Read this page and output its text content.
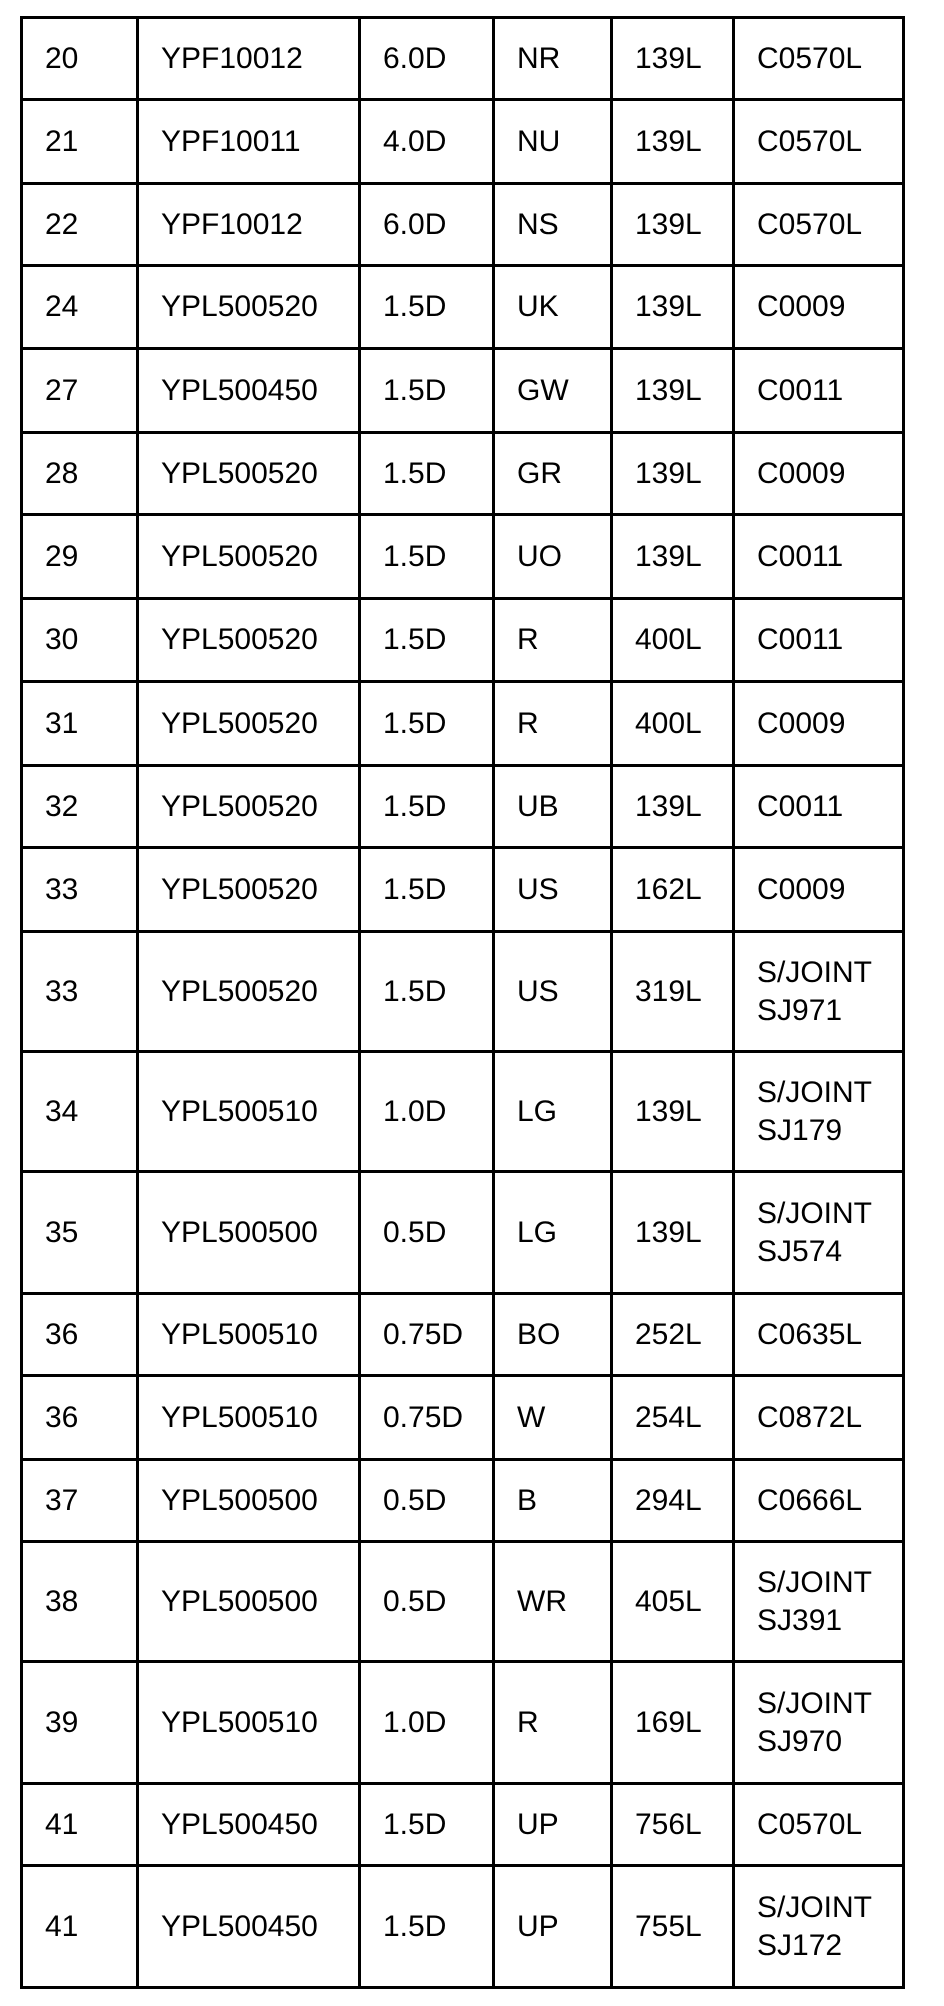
20	YPF10012	6.0D	NR	139L	C0570L

21	YPF10011	4.0D	NU	139L	C0570L

22	YPF10012	6.0D	NS	139L	C0570L

24	YPL500520	1.5D	UK	139L	C0009

27	YPL500450	1.5D	GW	139L	C0011

28	YPL500520	1.5D	GR	139L	C0009

29	YPL500520	1.5D	UO	139L	C0011

30	YPL500520	1.5D	R	400L	C0011

31	YPL500520	1.5D	R	400L	C0009

32	YPL500520	1.5D	UB	139L	C0011

33	YPL500520	1.5D	US	162L	C0009

33	YPL500520	1.5D	US	319L	S/JOINT
SJ971

34	YPL500510	1.0D	LG	139L	S/JOINT
SJ179

35	YPL500500	0.5D	LG	139L	S/JOINT
SJ574

36	YPL500510	0.75D	BO	252L	C0635L

36	YPL500510	0.75D	W	254L	C0872L

37	YPL500500	0.5D	B	294L	C0666L

38	YPL500500	0.5D	WR	405L	S/JOINT
SJ391

39	YPL500510	1.0D	R	169L	S/JOINT
SJ970

41	YPL500450	1.5D	UP	756L	C0570L

41	YPL500450	1.5D	UP	755L	S/JOINT
SJ172
